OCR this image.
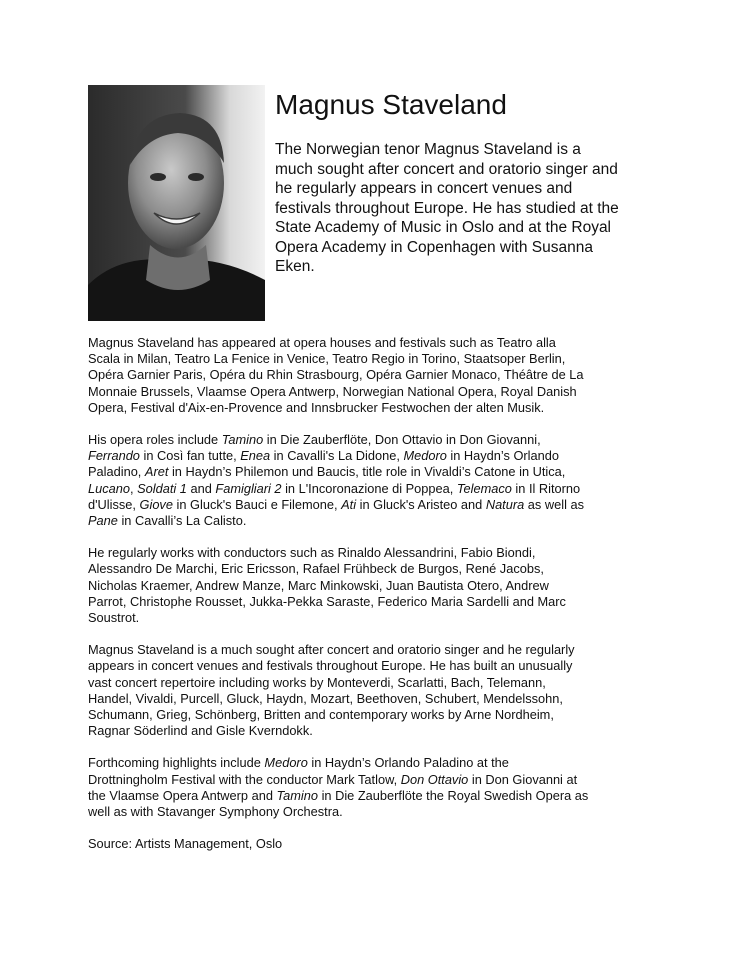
Magnus Staveland
The Norwegian tenor Magnus Staveland is a
much sought after concert and oratorio singer and
he regularly appears in concert venues and
festivals throughout Europe. He has studied at the
State Academy of Music in Oslo and at the Royal
Opera Academy in Copenhagen with Susanna
Eken.

Magnus Staveland has appeared at opera houses and festivals such as Teatro alla
Scala in Milan, Teatro La Fenice in Venice, Teatro Regio in Torino, Staatsoper Berlin,
Opéra Garnier Paris, Opéra du Rhin Strasbourg, Opéra Garnier Monaco, Théâtre de La
Monnaie Brussels, Vlaamse Opera Antwerp, Norwegian National Opera, Royal Danish
Opera, Festival d'Aix-en-Provence and Innsbrucker Festwochen der alten Musik.

His opera roles include Tamino in Die Zauberflöte, Don Ottavio in Don Giovanni,
Ferrando in Così fan tutte, Enea in Cavalli's La Didone, Medoro in Haydn’s Orlando
Paladino, Aret in Haydn’s Philemon und Baucis, title role in Vivaldi’s Catone in Utica,
Lucano, Soldati 1 and Famigliari 2 in L'Incoronazione di Poppea, Telemaco in Il Ritorno
d'Ulisse, Giove in Gluck's Bauci e Filemone, Ati in Gluck's Aristeo and Natura as well as
Pane in Cavalli’s La Calisto.

He regularly works with conductors such as Rinaldo Alessandrini, Fabio Biondi,
Alessandro De Marchi, Eric Ericsson, Rafael Frühbeck de Burgos, René Jacobs,
Nicholas Kraemer, Andrew Manze, Marc Minkowski, Juan Bautista Otero, Andrew
Parrot, Christophe Rousset, Jukka-Pekka Saraste, Federico Maria Sardelli and Marc
Soustrot.

Magnus Staveland is a much sought after concert and oratorio singer and he regularly
appears in concert venues and festivals throughout Europe. He has built an unusually
vast concert repertoire including works by Monteverdi, Scarlatti, Bach, Telemann,
Handel, Vivaldi, Purcell, Gluck, Haydn, Mozart, Beethoven, Schubert, Mendelssohn,
Schumann, Grieg, Schönberg, Britten and contemporary works by Arne Nordheim,
Ragnar Söderlind and Gisle Kverndokk.

Forthcoming highlights include Medoro in Haydn’s Orlando Paladino at the
Drottningholm Festival with the conductor Mark Tatlow, Don Ottavio in Don Giovanni at
the Vlaamse Opera Antwerp and Tamino in Die Zauberflöte the Royal Swedish Opera as
well as with Stavanger Symphony Orchestra.

Source: Artists Management, Oslo
